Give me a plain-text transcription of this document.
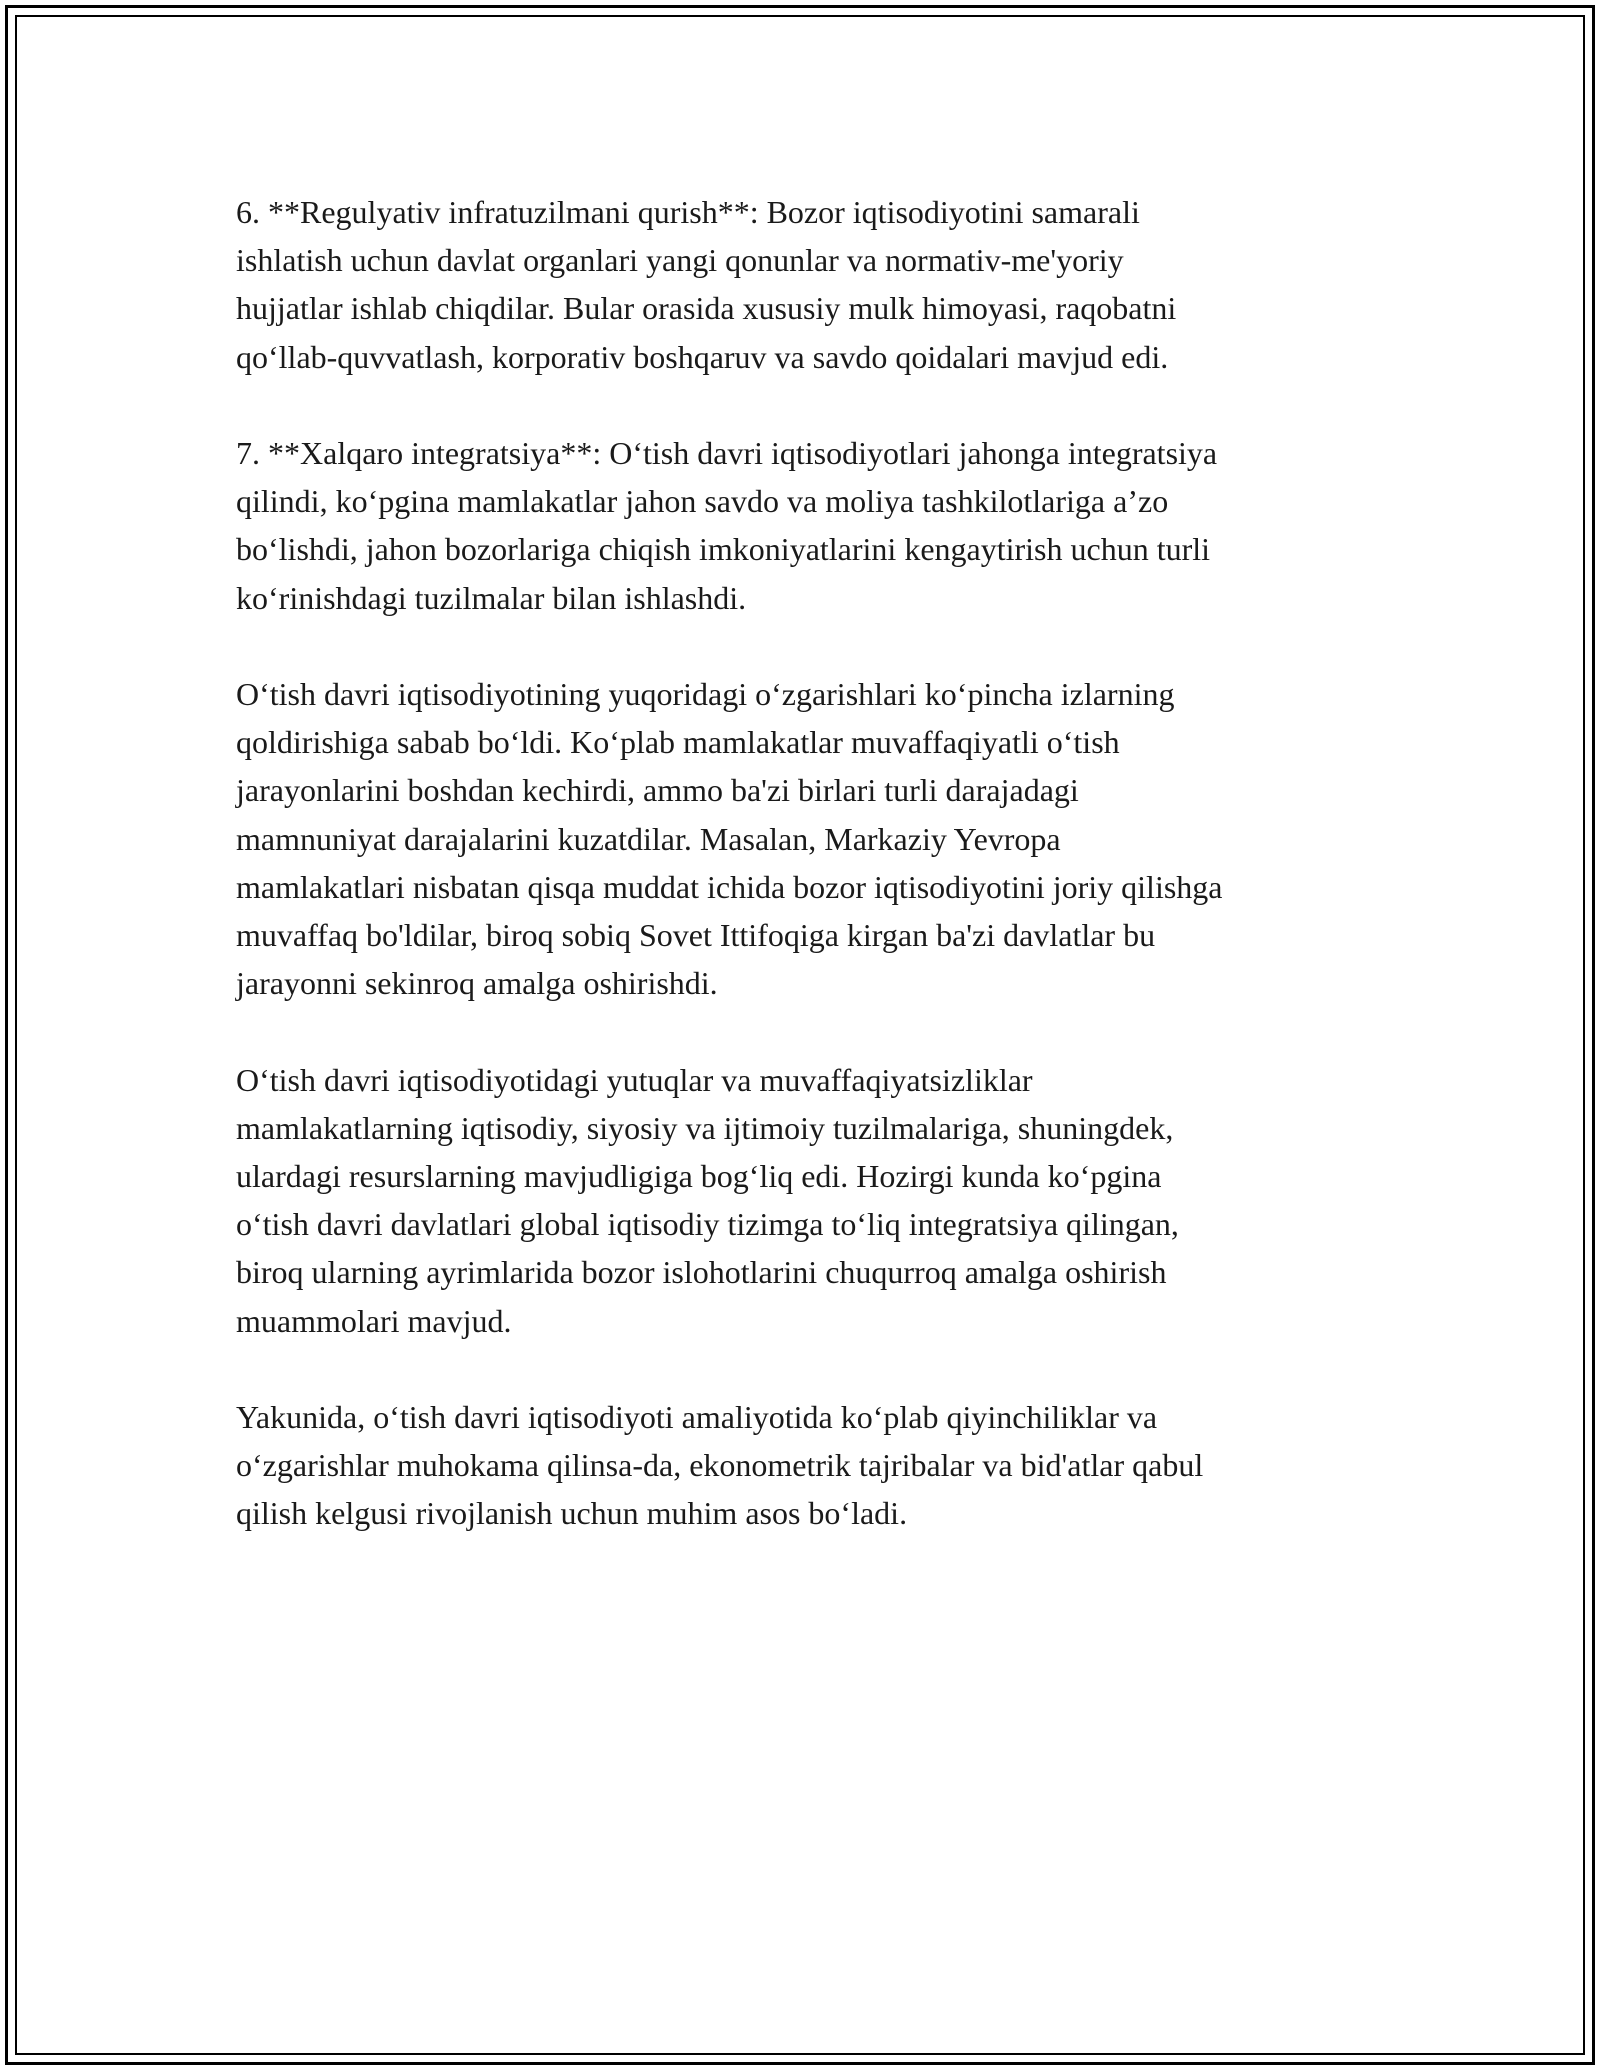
6. **Regulyativ infratuzilmani qurish**: Bozor iqtisodiyotini samarali
ishlatish uchun davlat organlari yangi qonunlar va normativ-me'yoriy
hujjatlar ishlab chiqdilar. Bular orasida xususiy mulk himoyasi, raqobatni
qo‘llab-quvvatlash, korporativ boshqaruv va savdo qoidalari mavjud edi.

7. **Xalqaro integratsiya**: O‘tish davri iqtisodiyotlari jahonga integratsiya
qilindi, ko‘pgina mamlakatlar jahon savdo va moliya tashkilotlariga a’zo
bo‘lishdi, jahon bozorlariga chiqish imkoniyatlarini kengaytirish uchun turli
ko‘rinishdagi tuzilmalar bilan ishlashdi.

O‘tish davri iqtisodiyotining yuqoridagi o‘zgarishlari ko‘pincha izlarning
qoldirishiga sabab bo‘ldi. Ko‘plab mamlakatlar muvaffaqiyatli o‘tish
jarayonlarini boshdan kechirdi, ammo ba'zi birlari turli darajadagi
mamnuniyat darajalarini kuzatdilar. Masalan, Markaziy Yevropa
mamlakatlari nisbatan qisqa muddat ichida bozor iqtisodiyotini joriy qilishga
muvaffaq bo'ldilar, biroq sobiq Sovet Ittifoqiga kirgan ba'zi davlatlar bu
jarayonni sekinroq amalga oshirishdi.

O‘tish davri iqtisodiyotidagi yutuqlar va muvaffaqiyatsizliklar
mamlakatlarning iqtisodiy, siyosiy va ijtimoiy tuzilmalariga, shuningdek,
ulardagi resurslarning mavjudligiga bog‘liq edi. Hozirgi kunda ko‘pgina
o‘tish davri davlatlari global iqtisodiy tizimga to‘liq integratsiya qilingan,
biroq ularning ayrimlarida bozor islohotlarini chuqurroq amalga oshirish
muammolari mavjud.

Yakunida, o‘tish davri iqtisodiyoti amaliyotida ko‘plab qiyinchiliklar va
o‘zgarishlar muhokama qilinsa-da, ekonometrik tajribalar va bid'atlar qabul
qilish kelgusi rivojlanish uchun muhim asos bo‘ladi.
